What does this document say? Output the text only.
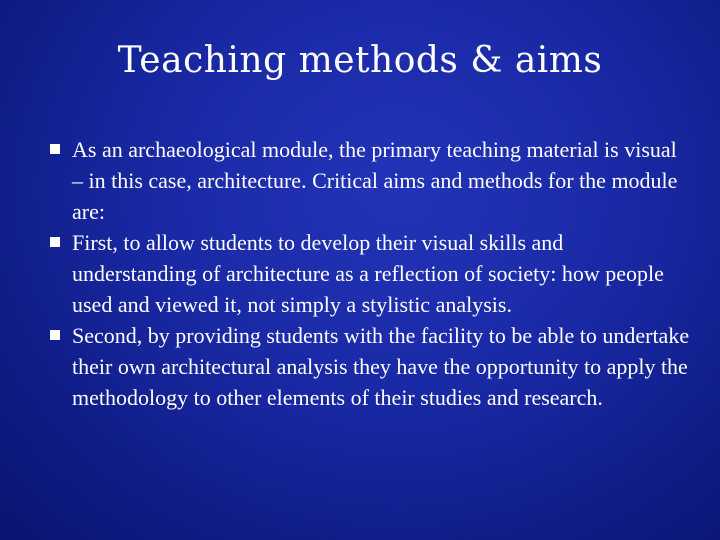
Teaching methods & aims
As an archaeological module, the primary teaching material is visual – in this case, architecture. Critical aims and methods for the module are:
First, to allow students to develop their visual skills and understanding of architecture as a reflection of society: how people used and viewed it, not simply a stylistic analysis.
Second, by providing students with the facility to be able to undertake their own architectural analysis they have the opportunity to apply the methodology to other elements of their studies and research.
